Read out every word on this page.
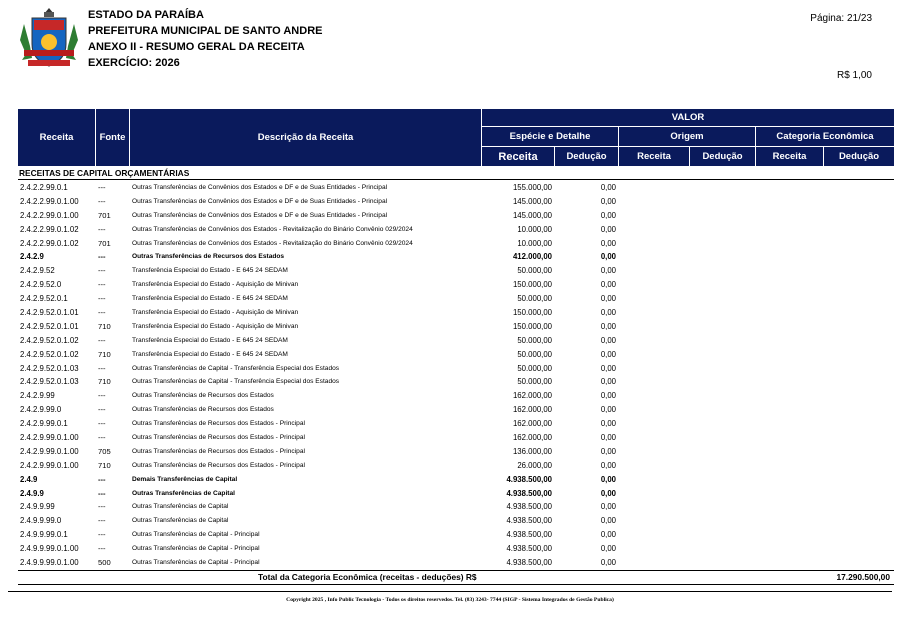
ESTADO DA PARAÍBA
PREFEITURA MUNICIPAL DE SANTO ANDRE
ANEXO II - RESUMO GERAL DA RECEITA
EXERCÍCIO: 2026
Página: 21/23
R$ 1,00
Receita	Fonte	Descrição da Receita
VALOR
Espécie e Detalhe	Origem	Categoria Econômica
Receita	Dedução	Receita	Dedução	Receita	Dedução
RECEITAS DE CAPITAL ORÇAMENTÁRIAS
2.4.2.2.99.0.1	---	Outras Transferências de Convênios dos Estados e DF e de Suas Entidades - Principal	155.000,00	0,00
2.4.2.2.99.0.1.00	---	Outras Transferências de Convênios dos Estados e DF e de Suas Entidades - Principal	145.000,00	0,00
2.4.2.2.99.0.1.00	701	Outras Transferências de Convênios dos Estados e DF e de Suas Entidades - Principal	145.000,00	0,00
2.4.2.2.99.0.1.02	---	Outras Transferências de Convênios dos Estados - Revitalização do Binário Convênio 029/2024	10.000,00	0,00
2.4.2.2.99.0.1.02	701	Outras Transferências de Convênios dos Estados - Revitalização do Binário Convênio 029/2024	10.000,00	0,00
2.4.2.9	---	Outras Transferências de Recursos dos Estados	412.000,00	0,00
2.4.2.9.52	---	Transferência Especial do Estado - E 645 24 SEDAM	50.000,00	0,00
2.4.2.9.52.0	---	Transferência Especial do Estado - Aquisição de Minivan	150.000,00	0,00
2.4.2.9.52.0.1	---	Transferência Especial do Estado - E 645 24 SEDAM	50.000,00	0,00
2.4.2.9.52.0.1.01	---	Transferência Especial do Estado - Aquisição de Minivan	150.000,00	0,00
2.4.2.9.52.0.1.01	710	Transferência Especial do Estado - Aquisição de Minivan	150.000,00	0,00
2.4.2.9.52.0.1.02	---	Transferência Especial do Estado - E 645 24 SEDAM	50.000,00	0,00
2.4.2.9.52.0.1.02	710	Transferência Especial do Estado - E 645 24 SEDAM	50.000,00	0,00
2.4.2.9.52.0.1.03	---	Outras Transferências de Capital - Transferência Especial dos Estados	50.000,00	0,00
2.4.2.9.52.0.1.03	710	Outras Transferências de Capital - Transferência Especial dos Estados	50.000,00	0,00
2.4.2.9.99	---	Outras Transferências de Recursos dos Estados	162.000,00	0,00
2.4.2.9.99.0	---	Outras Transferências de Recursos dos Estados	162.000,00	0,00
2.4.2.9.99.0.1	---	Outras Transferências de Recursos dos Estados - Principal	162.000,00	0,00
2.4.2.9.99.0.1.00	---	Outras Transferências de Recursos dos Estados - Principal	162.000,00	0,00
2.4.2.9.99.0.1.00	705	Outras Transferências de Recursos dos Estados - Principal	136.000,00	0,00
2.4.2.9.99.0.1.00	710	Outras Transferências de Recursos dos Estados - Principal	26.000,00	0,00
2.4.9	---	Demais Transferências de Capital	4.938.500,00	0,00
2.4.9.9	---	Outras Transferências de Capital	4.938.500,00	0,00
2.4.9.9.99	---	Outras Transferências de Capital	4.938.500,00	0,00
2.4.9.9.99.0	---	Outras Transferências de Capital	4.938.500,00	0,00
2.4.9.9.99.0.1	---	Outras Transferências de Capital - Principal	4.938.500,00	0,00
2.4.9.9.99.0.1.00	---	Outras Transferências de Capital - Principal	4.938.500,00	0,00
2.4.9.9.99.0.1.00	500	Outras Transferências de Capital - Principal	4.938.500,00	0,00
Total da Categoria Econômica (receitas - deduções) R$	17.290.500,00
Copyright 2025 , Info Public Tecnologia - Todos os direitos reservedos. Tel. (83) 3243- 7744 (SIGP - Sistema Integrados de Gestão Publica)
